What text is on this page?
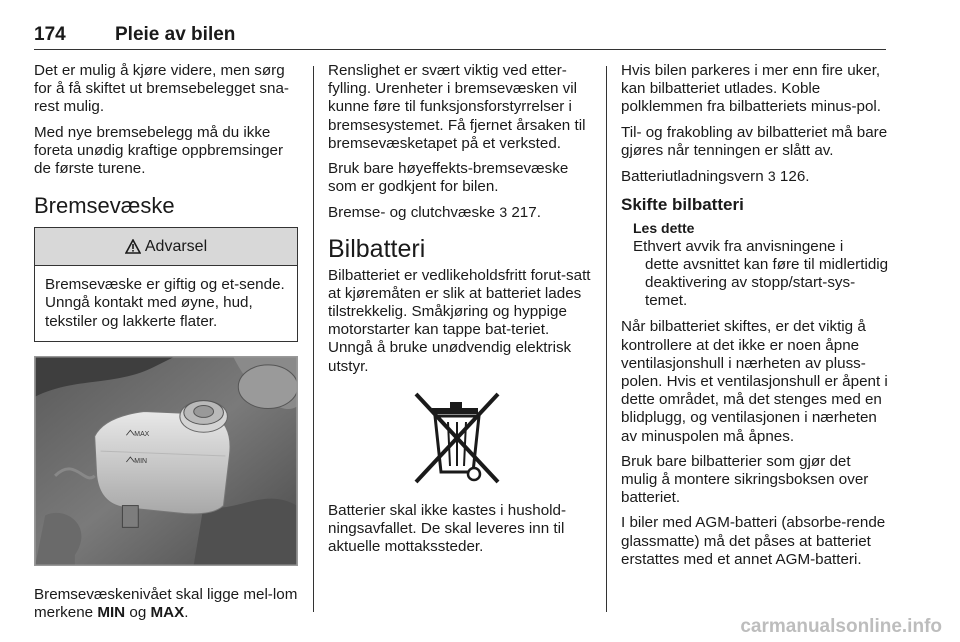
174	Pleie av bilen

Det er mulig å kjøre videre, men sørg for å få skiftet ut bremsebelegget sna-rest mulig.

Med nye bremsebelegg må du ikke foreta unødig kraftige oppbremsinger de første turene.

Bremsevæske
Advarsel
Bremsevæske er giftig og et-sende. Unngå kontakt med øyne, hud, tekstiler og lakkerte flater.
MAX
MIN

Bremsevæskenivået skal ligge mel-lom merkene MIN og MAX.

Renslighet er svært viktig ved etter-fylling. Urenheter i bremsevæsken vil kunne føre til funksjonsforstyrrelser i bremsesystemet. Få fjernet årsaken til bremsevæsketapet på et verksted.

Bruk bare høyeffekts-bremsevæske som er godkjent for bilen.

Bremse- og clutchvæske 3 217.

Bilbatteri

Bilbatteriet er vedlikeholdsfritt forut-satt at kjøremåten er slik at batteriet lades tilstrekkelig. Småkjøring og hyppige motorstarter kan tappe bat-teriet. Unngå å bruke unødvendig elektrisk utstyr.

Batterier skal ikke kastes i hushold-ningsavfallet. De skal leveres inn til aktuelle mottakssteder.

Hvis bilen parkeres i mer enn fire uker, kan bilbatteriet utlades. Koble polklemmen fra bilbatteriets minus-pol.

Til- og frakobling av bilbatteriet må bare gjøres når tenningen er slått av.

Batteriutladningsvern 3 126.

Skifte bilbatteri
Les dette
Ethvert avvik fra anvisningene i
dette avsnittet kan føre til midlertidig deaktivering av stopp/start-sys-temet.

Når bilbatteriet skiftes, er det viktig å kontrollere at det ikke er noen åpne ventilasjonshull i nærheten av pluss-polen. Hvis et ventilasjonshull er åpent i dette området, må det stenges med en blidplugg, og ventilasjonen i nærheten av minuspolen må åpnes.

Bruk bare bilbatterier som gjør det mulig å montere sikringsboksen over batteriet.

I biler med AGM-batteri (absorbe-rende glassmatte) må det påses at batteriet erstattes med et annet AGM-batteri.

carmanualsonline.info
